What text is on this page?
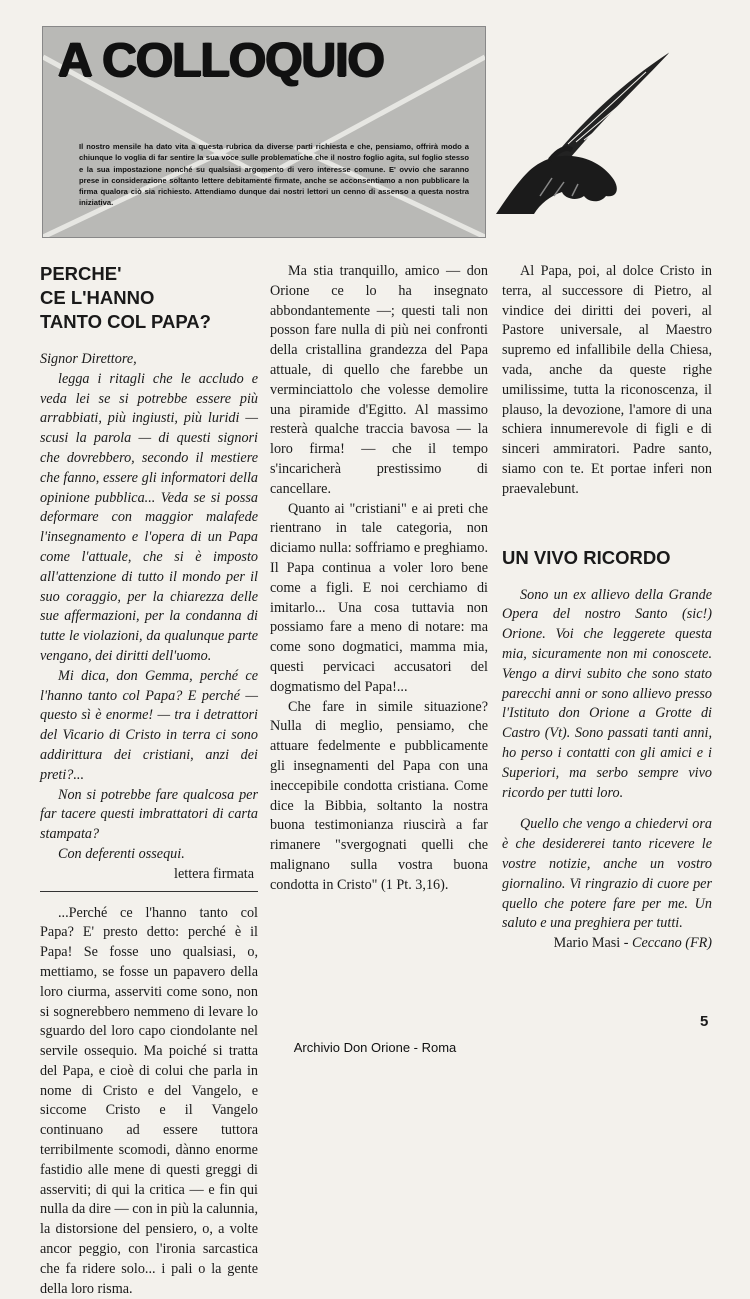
A COLLOQUIO

Il nostro mensile ha dato vita a questa rubrica da diverse parti richiesta e che, pensiamo, offrirà modo a chiunque lo voglia di far sentire la sua voce sulle problematiche che il nostro foglio agita, sul foglio stesso e la sua impostazione nonché su qualsiasi argomento di vero interesse comune. E' ovvio che saranno prese in considerazione soltanto lettere debitamente firmate, anche se acconsentiamo a non pubblicare la firma qualora ciò sia richiesto. Attendiamo dunque dai nostri lettori un cenno di assenso a questa nostra iniziativa.

PERCHE'
CE L'HANNO
TANTO COL PAPA?

Signor Direttore,

legga i ritagli che le accludo e veda lei se si potrebbe essere più arrabbiati, più ingiusti, più luridi — scusi la parola — di questi signori che dovrebbero, secondo il mestiere che fanno, essere gli informatori della opinione pubblica... Veda se si possa deformare con maggior malafede l'insegnamento e l'opera di un Papa come l'attuale, che si è imposto all'attenzione di tutto il mondo per il suo coraggio, per la chiarezza delle sue affermazioni, per la condanna di tutte le violazioni, da qualunque parte vengano, dei diritti dell'uomo.

Mi dica, don Gemma, perché ce l'hanno tanto col Papa? E perché — questo sì è enorme! — tra i detrattori del Vicario di Cristo in terra ci sono addirittura dei cristiani, anzi dei preti?...

Non si potrebbe fare qualcosa per far tacere questi imbrattatori di carta stampata?

Con deferenti ossequi.

lettera firmata

...Perché ce l'hanno tanto col Papa? E' presto detto: perché è il Papa! Se fosse uno qualsiasi, o, mettiamo, se fosse un papavero della loro ciurma, asserviti come sono, non si sognerebbero nemmeno di levare lo sguardo del loro capo ciondolante nel servile ossequio. Ma poiché si tratta del Papa, e cioè di colui che parla in nome di Cristo e del Vangelo, e siccome Cristo e il Vangelo continuano ad essere tuttora terribilmente scomodi, dànno enorme fastidio alle mene di questi greggi di asserviti; di qui la critica — e fin qui nulla da dire — con in più la calunnia, la distorsione del pensiero, o, a volte ancor peggio, con l'ironia sarcastica che fa ridere solo... i pali o la gente della loro risma.

Ma stia tranquillo, amico — don Orione ce lo ha insegnato abbondantemente —; questi tali non posson fare nulla di più nei confronti della cristallina grandezza del Papa attuale, di quello che farebbe un verminciattolo che volesse demolire una piramide d'Egitto. Al massimo resterà qualche traccia bavosa — la loro firma! — che il tempo s'incaricherà prestissimo di cancellare.

Quanto ai "cristiani" e ai preti che rientrano in tale categoria, non diciamo nulla: soffriamo e preghiamo. Il Papa continua a voler loro bene come a figli. E noi cerchiamo di imitarlo... Una cosa tuttavia non possiamo fare a meno di notare: ma come sono dogmatici, mamma mia, questi pervicaci accusatori del dogmatismo del Papa!...

Che fare in simile situazione? Nulla di meglio, pensiamo, che attuare fedelmente e pubblicamente gli insegnamenti del Papa con una ineccepibile condotta cristiana. Come dice la Bibbia, soltanto la nostra buona testimonianza riuscirà a far rimanere "svergognati quelli che malignano sulla vostra buona condotta in Cristo" (1 Pt. 3,16).

Al Papa, poi, al dolce Cristo in terra, al successore di Pietro, al vindice dei diritti dei poveri, al Pastore universale, al Maestro supremo ed infallibile della Chiesa, vada, anche da queste righe umilissime, tutta la riconoscenza, il plauso, la devozione, l'amore di una schiera innumerevole di figli e di sinceri ammiratori. Padre santo, siamo con te. Et portae inferi non praevalebunt.

UN VIVO RICORDO

Sono un ex allievo della Grande Opera del nostro Santo (sic!) Orione. Voi che leggerete questa mia, sicuramente non mi conoscete. Vengo a dirvi subito che sono stato parecchi anni or sono allievo presso l'Istituto don Orione a Grotte di Castro (Vt). Sono passati tanti anni, ho perso i contatti con gli amici e i Superiori, ma serbo sempre vivo ricordo per tutti loro.

Quello che vengo a chiedervi ora è che desidererei tanto ricevere le vostre notizie, anche un vostro giornalino. Vi ringrazio di cuore per quello che potere fare per me. Un saluto e una preghiera per tutti.

Mario Masi - Ceccano (FR)

5
Archivio Don Orione - Roma
